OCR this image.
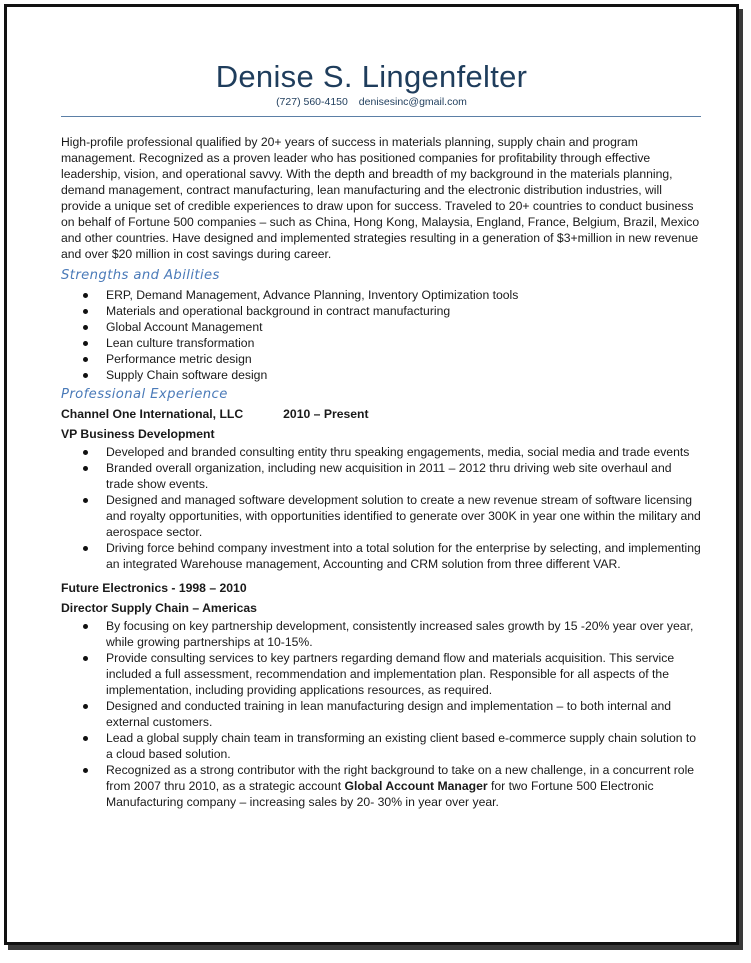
Denise S. Lingenfelter
(727) 560-4150 denisesinc@gmail.com

High-profile professional qualified by 20+ years of success in materials planning, supply chain and program management. Recognized as a proven leader who has positioned companies for profitability through effective leadership, vision, and operational savvy. With the depth and breadth of my background in the materials planning, demand management, contract manufacturing, lean manufacturing and the electronic distribution industries, will provide a unique set of credible experiences to draw upon for success. Traveled to 20+ countries to conduct business on behalf of Fortune 500 companies – such as China, Hong Kong, Malaysia, England, France, Belgium, Brazil, Mexico and other countries. Have designed and implemented strategies resulting in a generation of $3+million in new revenue and over $20 million in cost savings during career.

Strengths and Abilities
ERP, Demand Management, Advance Planning, Inventory Optimization tools
Materials and operational background in contract manufacturing
Global Account Management
Lean culture transformation
Performance metric design
Supply Chain software design
Professional Experience
Channel One International, LLC	2010 – Present
VP Business Development
Developed and branded consulting entity thru speaking engagements, media, social media and trade events
Branded overall organization, including new acquisition in 2011 – 2012 thru driving web site overhaul and trade show events.
Designed and managed software development solution to create a new revenue stream of software licensing and royalty opportunities, with opportunities identified to generate over 300K in year one within the military and aerospace sector.
Driving force behind company investment into a total solution for the enterprise by selecting, and implementing an integrated Warehouse management, Accounting and CRM solution from three different VAR.
Future Electronics - 1998 – 2010
Director Supply Chain – Americas
By focusing on key partnership development, consistently increased sales growth by 15 -20% year over year, while growing partnerships at 10-15%.
Provide consulting services to key partners regarding demand flow and materials acquisition. This service included a full assessment, recommendation and implementation plan. Responsible for all aspects of the implementation, including providing applications resources, as required.
Designed and conducted training in lean manufacturing design and implementation – to both internal and external customers.
Lead a global supply chain team in transforming an existing client based e-commerce supply chain solution to a cloud based solution.
Recognized as a strong contributor with the right background to take on a new challenge, in a concurrent role from 2007 thru 2010, as a strategic account Global Account Manager for two Fortune 500 Electronic Manufacturing company – increasing sales by 20- 30% in year over year.
